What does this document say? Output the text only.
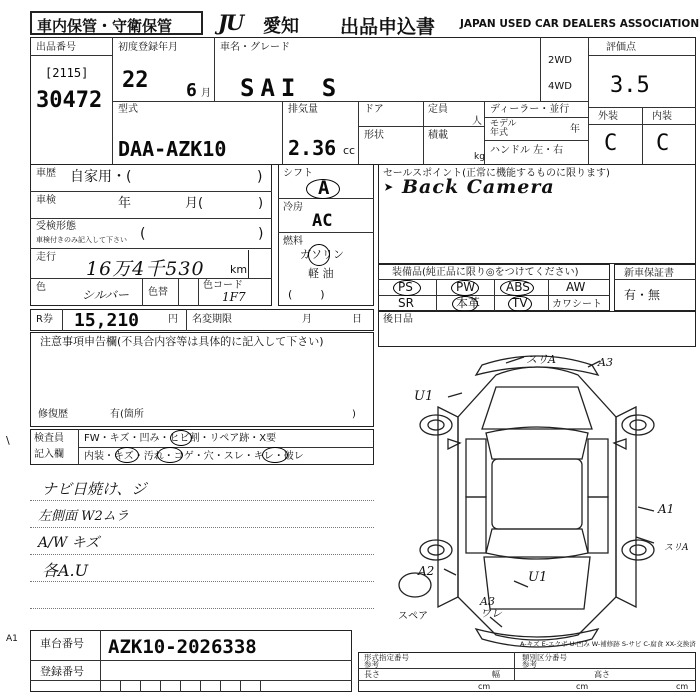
車内保管・守衛保管 JU 愛知 出品申込書 JAPAN USED CAR DEALERS ASSOCIATION
出品番号
[2115]
30472
初度登録年月
22 6 月
車名・グレード
SAI S
2WD
4WD
型式
DAA-AZK10
排気量
2.36 cc
ドア	定員
人
形状	積載
kg
ディーラー・並行
モデル
年式	年
ハンドル 左・右
評価点
3.5
外装	内装
C C
車歴 自家用・(	)
車検	年	月(	)
受検形態
車検付きのみ記入して下さい (	)
走行
16万4千530 km
色
シルバー 色替
色コード
1F7
シフト
A
冷房
AC
燃料
ガソリン
軽 油
(        )
セールスポイント(正常に機能するものに限ります)
➤ Back Camera
装備品(純正品に限り◎をつけてください)
PS	PW	ABS	AW
SR	本革	TV カワシート
新車保証書
有・無
R券 15,210	円 名変期限	月	日 後日品
注意事項申告欄(不具合内容等は具体的に記入して下さい)
修復歴	有(箇所	)
検査員
記入欄
FW・キズ・凹み・ヒビ割・リペア跡・X要
内装・キズ・汚れ・コゲ・穴・スレ・キレ・破レ
ナビ日焼け、ジ
左側面 W2ムラ
A/W キズ
各A.U
\
スリA	A3
U1
A1
スリA
A2	U1
A3
ワレ
スペア
A-キズ E-エクボ U-凹み W-補修跡 S-サビ C-腐食 XX-交換済
A1 車台番号 AZK10-2026338
登録番号
形式指定番号
参考
類別区分番号
参考
長さ
cm
幅
cm
高さ
cm
